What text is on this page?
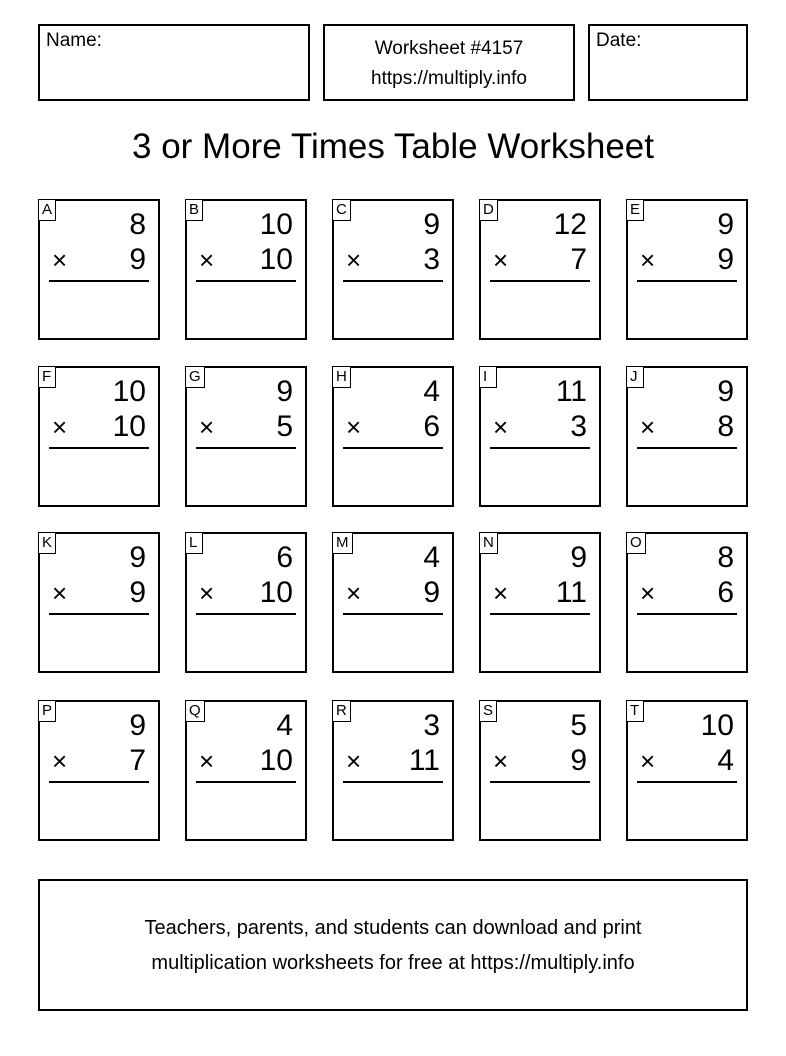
Name:	Worksheet #4157
https://multiply.info
Date:
3 or More Times Table Worksheet
A	8
× 9
B 10
× 10
C	9
× 3
D 12
× 7
E	9
× 9
F 10
× 10
G	9
× 5
H	4
× 6
I	11
× 3
J	9
× 8
K	9
× 9
L	6
× 10
M 4
× 9
N	9
× 11
O	8
× 6
P	9
× 7
Q	4
× 10
R	3
× 11
S	5
× 9
T 10
× 4
Teachers, parents, and students can download and print
multiplication worksheets for free at https://multiply.info
